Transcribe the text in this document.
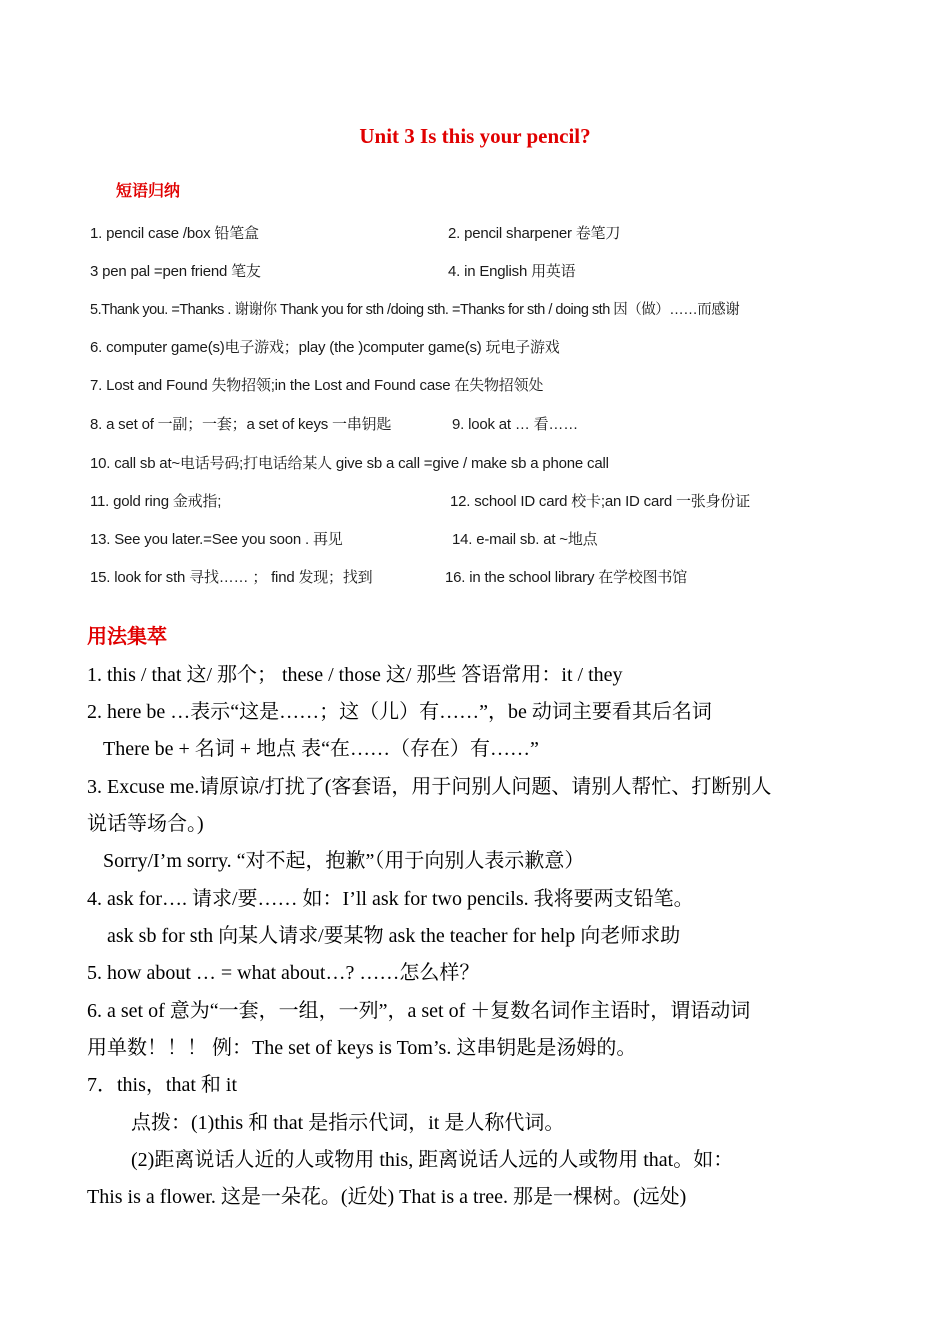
Unit 3 Is this your pencil?
短语归纳
1. pencil case /box 铅笔盒	2. pencil sharpener 卷笔刀
3 pen pal =pen friend 笔友	4. in English 用英语
5.Thank you. =Thanks . 谢谢你 Thank you for sth /doing sth. =Thanks for sth / doing sth 因（做）……而感谢
6. computer game(s)电子游戏；play (the )computer game(s) 玩电子游戏
7. Lost and Found 失物招领;in the Lost and Found case 在失物招领处
8. a set of 一副；一套；a set of keys 一串钥匙	9. look at … 看……
10. call sb at~电话号码;打电话给某人 give sb a call =give / make sb a phone call
11. gold ring 金戒指;	12. school ID card 校卡;an ID card 一张身份证
13. See you later.=See you soon . 再见	14. e-mail sb. at ~地点
15. look for sth 寻找…… ； find 发现；找到	16. in the school library 在学校图书馆
用法集萃
1. this / that 这/ 那个； these / those 这/ 那些 答语常用：it / they
2. here be …表示“这是……；这（儿）有……”，be 动词主要看其后名词
There be + 名词 + 地点 表“在……（存在）有……”
3. Excuse me.请原谅/打扰了(客套语，用于问别人问题、请别人帮忙、打断别人
说话等场合。)
Sorry/I’m sorry. “对不起，抱歉”（用于向别人表示歉意）
4. ask for…. 请求/要…… 如：I’ll ask for two pencils. 我将要两支铅笔。
ask sb for sth 向某人请求/要某物 ask the teacher for help 向老师求助
5. how about … = what about…? ……怎么样？
6. a set of 意为“一套，一组，一列”，a set of ＋复数名词作主语时，谓语动词
用单数！！！ 例：The set of keys is Tom’s. 这串钥匙是汤姆的。
7．this，that 和 it
点拨：(1)this 和 that 是指示代词，it 是人称代词。
(2)距离说话人近的人或物用 this, 距离说话人远的人或物用 that。如：
This is a flower. 这是一朵花。(近处) That is a tree. 那是一棵树。(远处)
